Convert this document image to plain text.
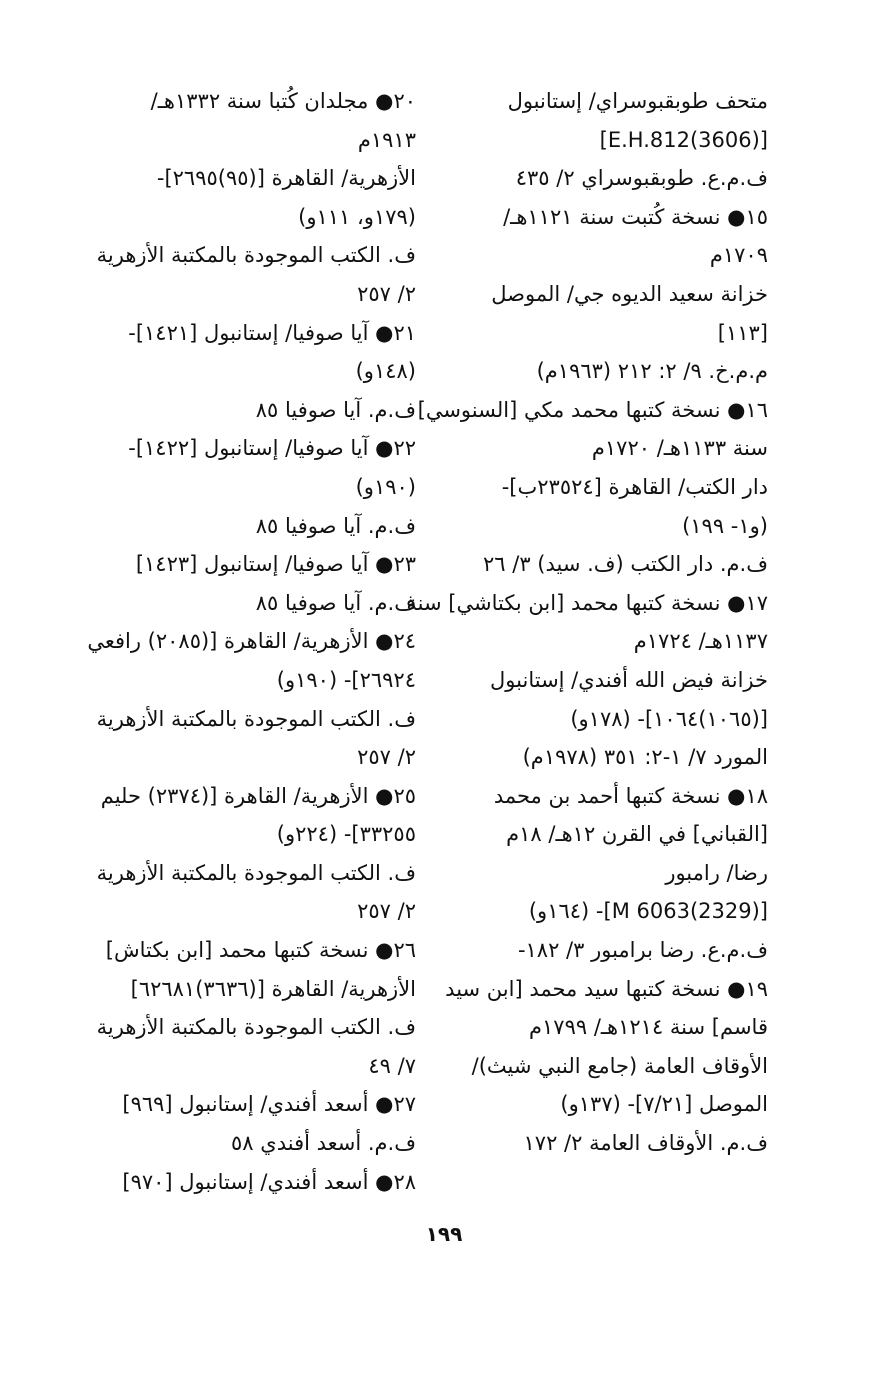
متحف طوبقبوسراي/ إستانبول
[(3606)E.H.812]
ف.م.ع. طوبقبوسراي ٢/ ٤٣٥
١٥● نسخة كُتبت سنة ١١٢١هـ/
١٧٠٩م
خزانة سعيد الديوه جي/ الموصل
[١١٣]
م.م.خ. ٩/ ٢: ٢١٢ (١٩٦٣م)
١٦● نسخة كتبها محمد مكي [السنوسي]
سنة ١١٣٣هـ/ ١٧٢٠م
دار الكتب/ القاهرة [٢٣٥٢٤ب]-
(و١- ١٩٩)
ف.م. دار الكتب (ف. سيد) ٣/ ٢٦
١٧● نسخة كتبها محمد [ابن بكتاشي] سنة
١١٣٧هـ/ ١٧٢٤م
خزانة فيض الله أفندي/ إستانبول
[(١٠٦٥)١٠٦٤]- (١٧٨و)
المورد ٧/ ١-٢: ٣٥١ (١٩٧٨م)
١٨● نسخة كتبها أحمد بن محمد
[القباني] في القرن ١٢هـ/ ١٨م
رضا/ رامبور
[(2329)6063 M]- (١٦٤و)
ف.م.ع. رضا برامبور ٣/ ١٨٢-
١٩● نسخة كتبها سيد محمد [ابن سيد
قاسم] سنة ١٢١٤هـ/ ١٧٩٩م
الأوقاف العامة (جامع النبي شيث)/
الموصل [٧/٢١]- (١٣٧و)
ف.م. الأوقاف العامة ٢/ ١٧٢
٢٠● مجلدان كُتبا سنة ١٣٣٢هـ/
١٩١٣م
الأزهرية/ القاهرة [(٩٥)٢٦٩٥]-
(١٧٩و، ١١١و)
ف. الكتب الموجودة بالمكتبة الأزهرية
٢/ ٢٥٧
٢١● آيا صوفيا/ إستانبول [١٤٢١]-
(١٤٨و)
ف.م. آيا صوفيا ٨٥
٢٢● آيا صوفيا/ إستانبول [١٤٢٢]-
(١٩٠و)
ف.م. آيا صوفيا ٨٥
٢٣● آيا صوفيا/ إستانبول [١٤٢٣]
ف.م. آيا صوفيا ٨٥
٢٤● الأزهرية/ القاهرة [(٢٠٨٥) رافعي
٢٦٩٢٤]- (١٩٠و)
ف. الكتب الموجودة بالمكتبة الأزهرية
٢/ ٢٥٧
٢٥● الأزهرية/ القاهرة [(٢٣٧٤) حليم
٣٣٢٥٥]- (٢٢٤و)
ف. الكتب الموجودة بالمكتبة الأزهرية
٢/ ٢٥٧
٢٦● نسخة كتبها محمد [ابن بكتاش]
الأزهرية/ القاهرة [(٣٦٣٦)٦٢٦٨١]
ف. الكتب الموجودة بالمكتبة الأزهرية
٧/ ٤٩
٢٧● أسعد أفندي/ إستانبول [٩٦٩]
ف.م. أسعد أفندي ٥٨
٢٨● أسعد أفندي/ إستانبول [٩٧٠]
١٩٩
